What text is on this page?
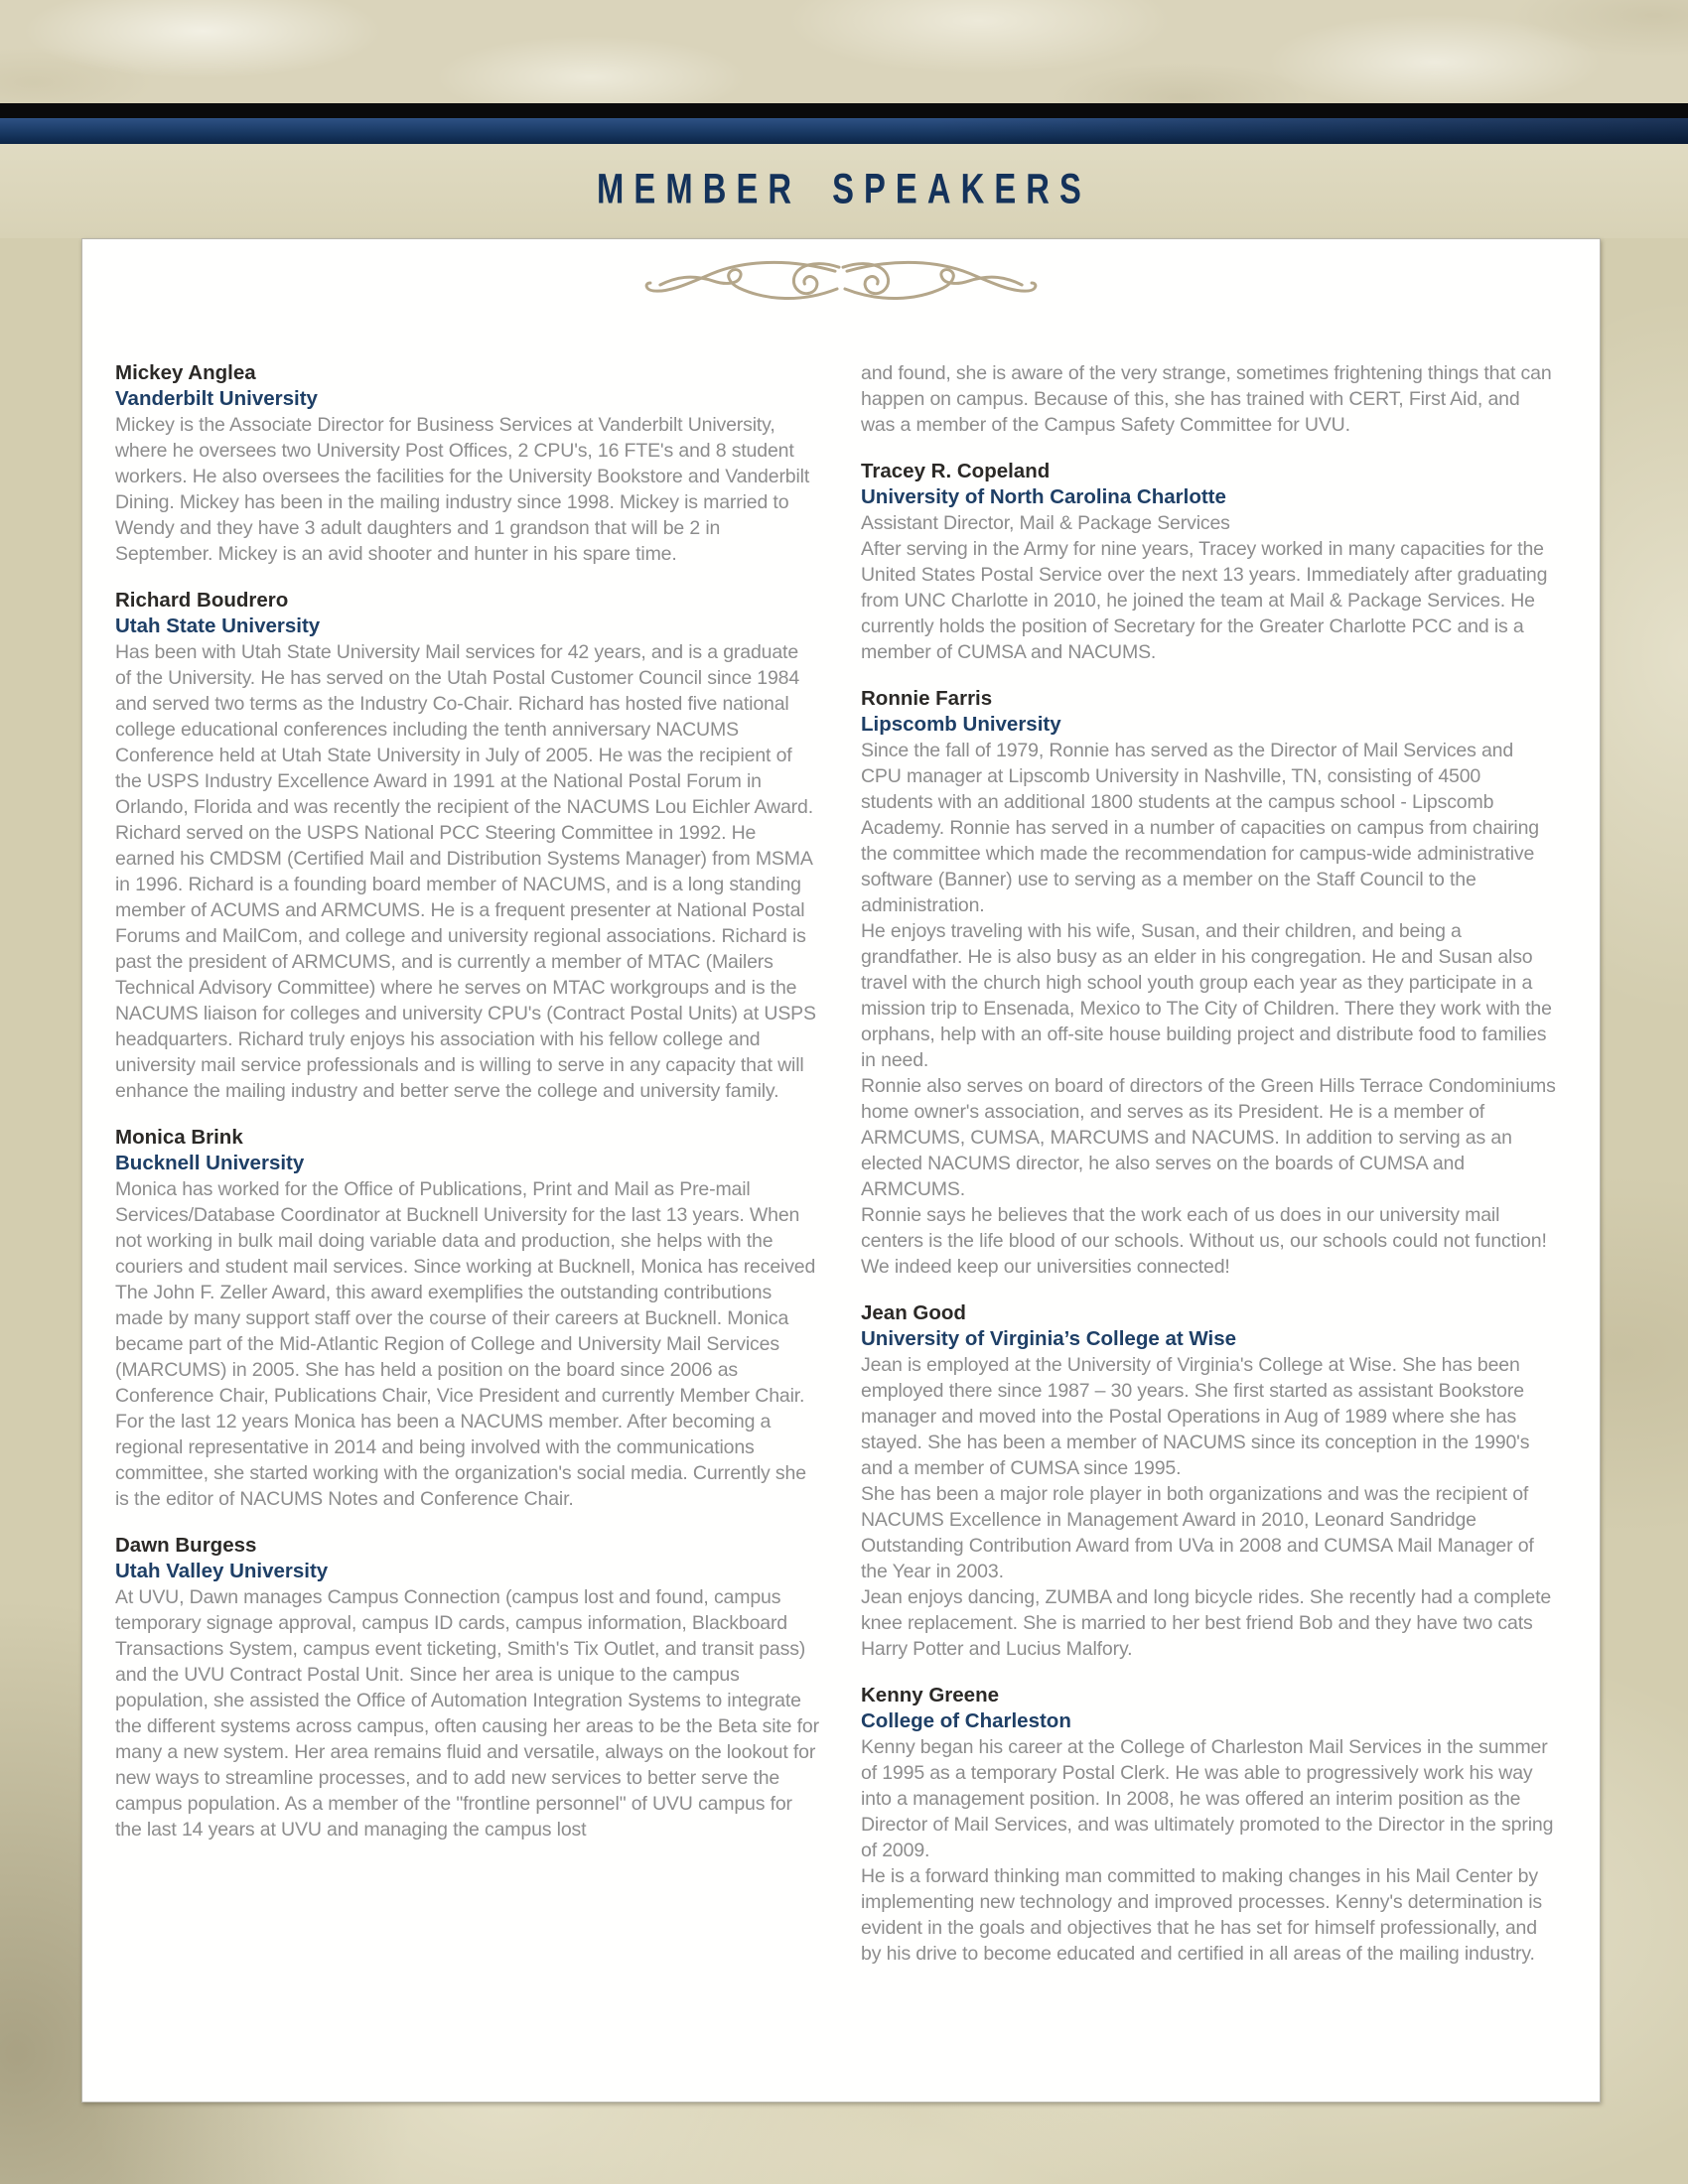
MEMBER SPEAKERS
Mickey Anglea
Vanderbilt University

Mickey is the Associate Director for Business Services at Vanderbilt University, where he oversees two University Post Offices, 2 CPU's, 16 FTE's and 8 student workers. He also oversees the facilities for the University Bookstore and Vanderbilt Dining. Mickey has been in the mailing industry since 1998. Mickey is married to Wendy and they have 3 adult daughters and 1 grandson that will be 2 in September. Mickey is an avid shooter and hunter in his spare time.

Richard Boudrero
Utah State University

Has been with Utah State University Mail services for 42 years, and is a graduate of the University. He has served on the Utah Postal Customer Council since 1984 and served two terms as the Industry Co-Chair. Richard has hosted five national college educational conferences including the tenth anniversary NACUMS Conference held at Utah State University in July of 2005. He was the recipient of the USPS Industry Excellence Award in 1991 at the National Postal Forum in Orlando, Florida and was recently the recipient of the NACUMS Lou Eichler Award. Richard served on the USPS National PCC Steering Committee in 1992. He earned his CMDSM (Certified Mail and Distribution Systems Manager) from MSMA in 1996. Richard is a founding board member of NACUMS, and is a long standing member of ACUMS and ARMCUMS. He is a frequent presenter at National Postal Forums and MailCom, and college and university regional associations. Richard is past the president of ARMCUMS, and is currently a member of MTAC (Mailers Technical Advisory Committee) where he serves on MTAC workgroups and is the NACUMS liaison for colleges and university CPU's (Contract Postal Units) at USPS headquarters. Richard truly enjoys his association with his fellow college and university mail service professionals and is willing to serve in any capacity that will enhance the mailing industry and better serve the college and university family.

Monica Brink
Bucknell University

Monica has worked for the Office of Publications, Print and Mail as Pre-mail Services/Database Coordinator at Bucknell University for the last 13 years. When not working in bulk mail doing variable data and production, she helps with the couriers and student mail services. Since working at Bucknell, Monica has received The John F. Zeller Award, this award exemplifies the outstanding contributions made by many support staff over the course of their careers at Bucknell. Monica became part of the Mid-Atlantic Region of College and University Mail Services (MARCUMS) in 2005. She has held a position on the board since 2006 as Conference Chair, Publications Chair, Vice President and currently Member Chair. For the last 12 years Monica has been a NACUMS member. After becoming a regional representative in 2014 and being involved with the communications committee, she started working with the organization's social media. Currently she is the editor of NACUMS Notes and Conference Chair.

Dawn Burgess
Utah Valley University

At UVU, Dawn manages Campus Connection (campus lost and found, campus temporary signage approval, campus ID cards, campus information, Blackboard Transactions System, campus event ticketing, Smith's Tix Outlet, and transit pass) and the UVU Contract Postal Unit. Since her area is unique to the campus population, she assisted the Office of Automation Integration Systems to integrate the different systems across campus, often causing her areas to be the Beta site for many a new system. Her area remains fluid and versatile, always on the lookout for new ways to streamline processes, and to add new services to better serve the campus population. As a member of the "frontline personnel" of UVU campus for the last 14 years at UVU and managing the campus lost

and found, she is aware of the very strange, sometimes frightening things that can happen on campus. Because of this, she has trained with CERT, First Aid, and was a member of the Campus Safety Committee for UVU.

Tracey R. Copeland
University of North Carolina Charlotte

Assistant Director, Mail & Package Services

After serving in the Army for nine years, Tracey worked in many capacities for the United States Postal Service over the next 13 years. Immediately after graduating from UNC Charlotte in 2010, he joined the team at Mail & Package Services. He currently holds the position of Secretary for the Greater Charlotte PCC and is a member of CUMSA and NACUMS.

Ronnie Farris
Lipscomb University

Since the fall of 1979, Ronnie has served as the Director of Mail Services and CPU manager at Lipscomb University in Nashville, TN, consisting of 4500 students with an additional 1800 students at the campus school - Lipscomb Academy. Ronnie has served in a number of capacities on campus from chairing the committee which made the recommendation for campus-wide administrative software (Banner) use to serving as a member on the Staff Council to the administration.

He enjoys traveling with his wife, Susan, and their children, and being a grandfather. He is also busy as an elder in his congregation. He and Susan also travel with the church high school youth group each year as they participate in a mission trip to Ensenada, Mexico to The City of Children. There they work with the orphans, help with an off-site house building project and distribute food to families in need.

Ronnie also serves on board of directors of the Green Hills Terrace Condominiums home owner's association, and serves as its President. He is a member of ARMCUMS, CUMSA, MARCUMS and NACUMS. In addition to serving as an elected NACUMS director, he also serves on the boards of CUMSA and ARMCUMS.

Ronnie says he believes that the work each of us does in our university mail centers is the life blood of our schools. Without us, our schools could not function! We indeed keep our universities connected!

Jean Good
University of Virginia’s College at Wise

Jean is employed at the University of Virginia's College at Wise. She has been employed there since 1987 – 30 years. She first started as assistant Bookstore manager and moved into the Postal Operations in Aug of 1989 where she has stayed. She has been a member of NACUMS since its conception in the 1990's and a member of CUMSA since 1995.

She has been a major role player in both organizations and was the recipient of NACUMS Excellence in Management Award in 2010, Leonard Sandridge Outstanding Contribution Award from UVa in 2008 and CUMSA Mail Manager of the Year in 2003.

Jean enjoys dancing, ZUMBA and long bicycle rides. She recently had a complete knee replacement. She is married to her best friend Bob and they have two cats Harry Potter and Lucius Malfory.

Kenny Greene
College of Charleston

Kenny began his career at the College of Charleston Mail Services in the summer of 1995 as a temporary Postal Clerk. He was able to progressively work his way into a management position. In 2008, he was offered an interim position as the Director of Mail Services, and was ultimately promoted to the Director in the spring of 2009.

He is a forward thinking man committed to making changes in his Mail Center by implementing new technology and improved processes. Kenny's determination is evident in the goals and objectives that he has set for himself professionally, and by his drive to become educated and certified in all areas of the mailing industry.
